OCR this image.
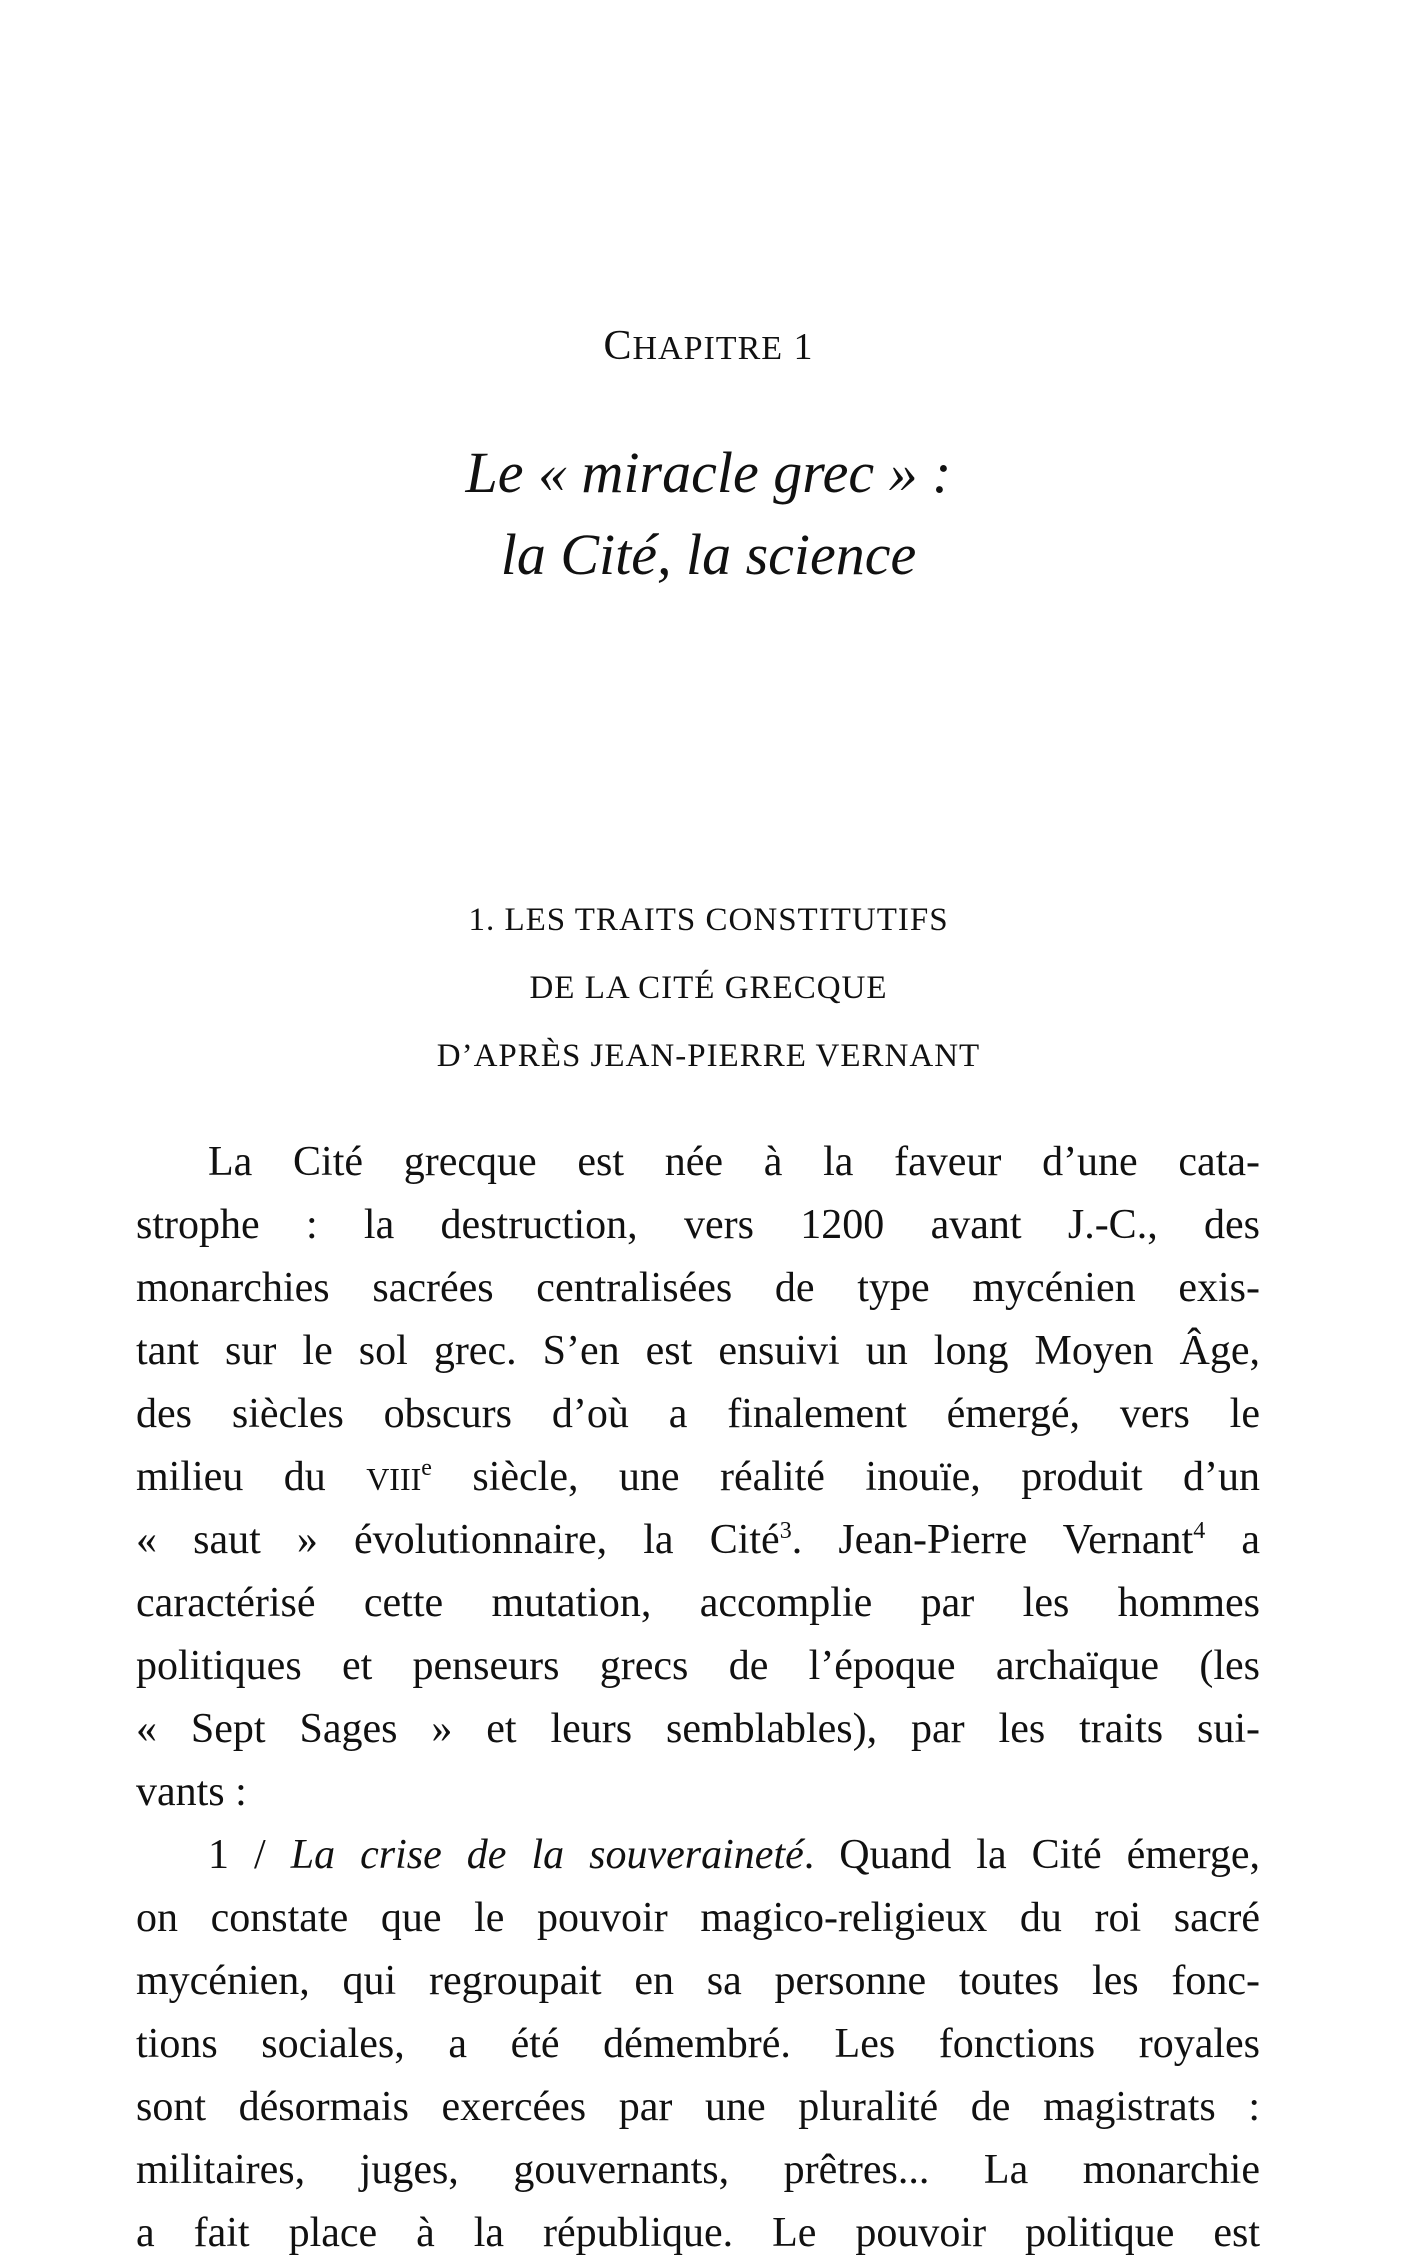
CHAPITRE 1
Le « miracle grec » :
la Cité, la science
1. LES TRAITS CONSTITUTIFS
DE LA CITÉ GRECQUE
D’APRÈS JEAN-PIERRE VERNANT
La Cité grecque est née à la faveur d’une cata-
strophe : la destruction, vers 1200 avant J.-C., des
monarchies sacrées centralisées de type mycénien exis-
tant sur le sol grec. S’en est ensuivi un long Moyen Âge,
des siècles obscurs d’où a finalement émergé, vers le
milieu du VIIIe siècle, une réalité inouïe, produit d’un
« saut » évolutionnaire, la Cité$^3$. Jean-Pierre Vernant$^4$ a
caractérisé cette mutation, accomplie par les hommes
politiques et penseurs grecs de l’époque archaïque (les
« Sept Sages » et leurs semblables), par les traits sui-
vants :
1 / La crise de la souveraineté. Quand la Cité émerge,
on constate que le pouvoir magico-religieux du roi sacré
mycénien, qui regroupait en sa personne toutes les fonc-
tions sociales, a été démembré. Les fonctions royales
sont désormais exercées par une pluralité de magistrats :
militaires, juges, gouvernants, prêtres... La monarchie
a fait place à la république. Le pouvoir politique est
